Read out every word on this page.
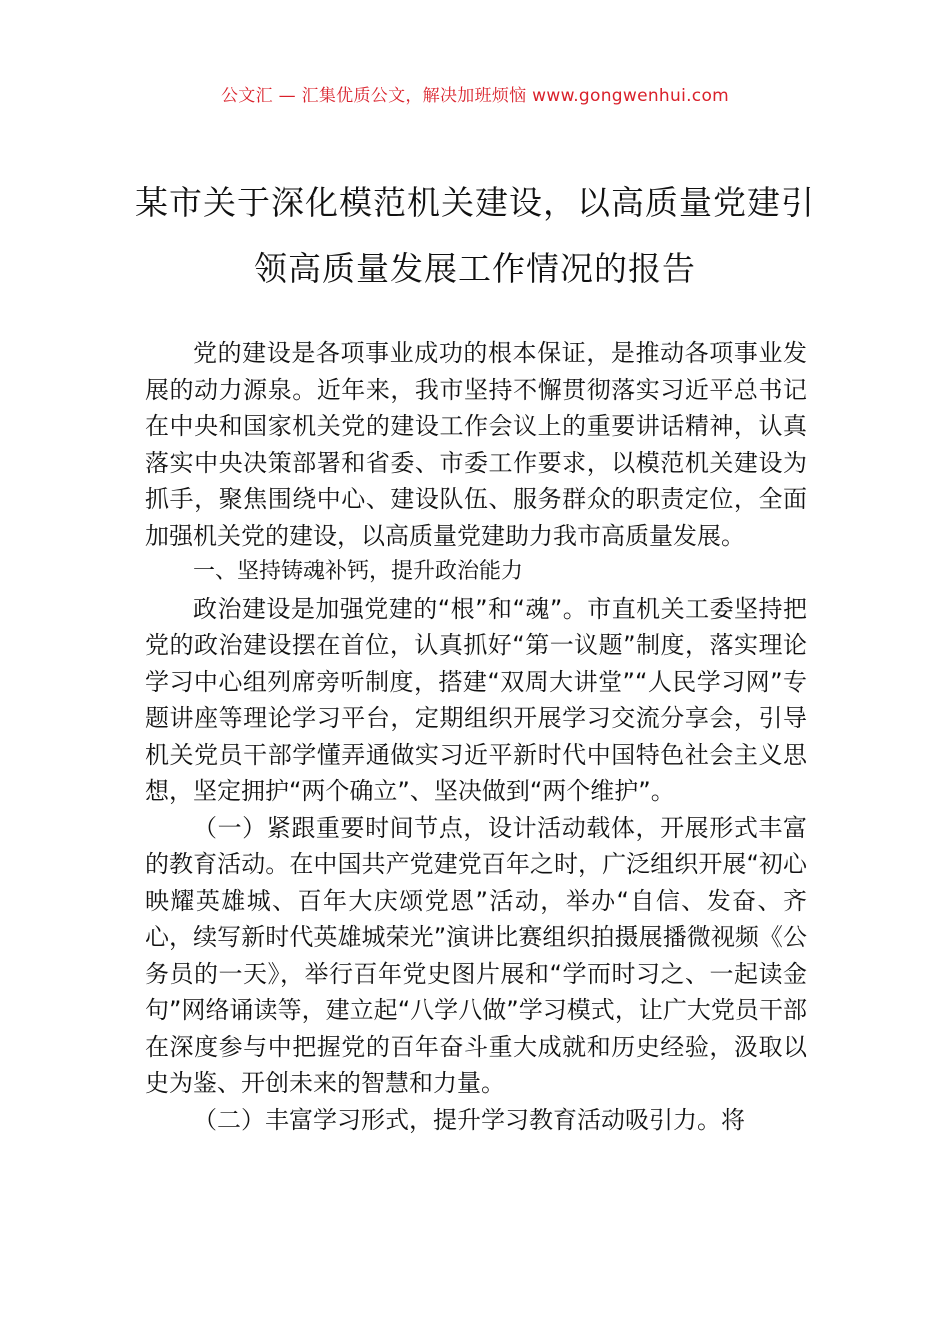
公文汇 — 汇集优质公文，解决加班烦恼 www.gongwenhui.com
某市关于深化模范机关建设，以高质量党建引领高质量发展工作情况的报告

党的建设是各项事业成功的根本保证，是推动各项事业发展的动力源泉。近年来，我市坚持不懈贯彻落实习近平总书记在中央和国家机关党的建设工作会议上的重要讲话精神，认真落实中央决策部署和省委、市委工作要求，以模范机关建设为抓手，聚焦围绕中心、建设队伍、服务群众的职责定位，全面加强机关党的建设，以高质量党建助力我市高质量发展。

一、坚持铸魂补钙，提升政治能力

政治建设是加强党建的“根”和“魂”。市直机关工委坚持把党的政治建设摆在首位，认真抓好“第一议题”制度，落实理论学习中心组列席旁听制度，搭建“双周大讲堂”“人民学习网”专题讲座等理论学习平台，定期组织开展学习交流分享会，引导机关党员干部学懂弄通做实习近平新时代中国特色社会主义思想，坚定拥护“两个确立”、坚决做到“两个维护”。

（一）紧跟重要时间节点，设计活动载体，开展形式丰富的教育活动。在中国共产党建党百年之时，广泛组织开展“初心映耀英雄城、百年大庆颂党恩”活动，举办“自信、发奋、齐心，续写新时代英雄城荣光”演讲比赛组织拍摄展播微视频《公务员的一天》，举行百年党史图片展和“学而时习之、一起读金句”网络诵读等，建立起“八学八做”学习模式，让广大党员干部在深度参与中把握党的百年奋斗重大成就和历史经验，汲取以史为鉴、开创未来的智慧和力量。

（二）丰富学习形式，提升学习教育活动吸引力。将
